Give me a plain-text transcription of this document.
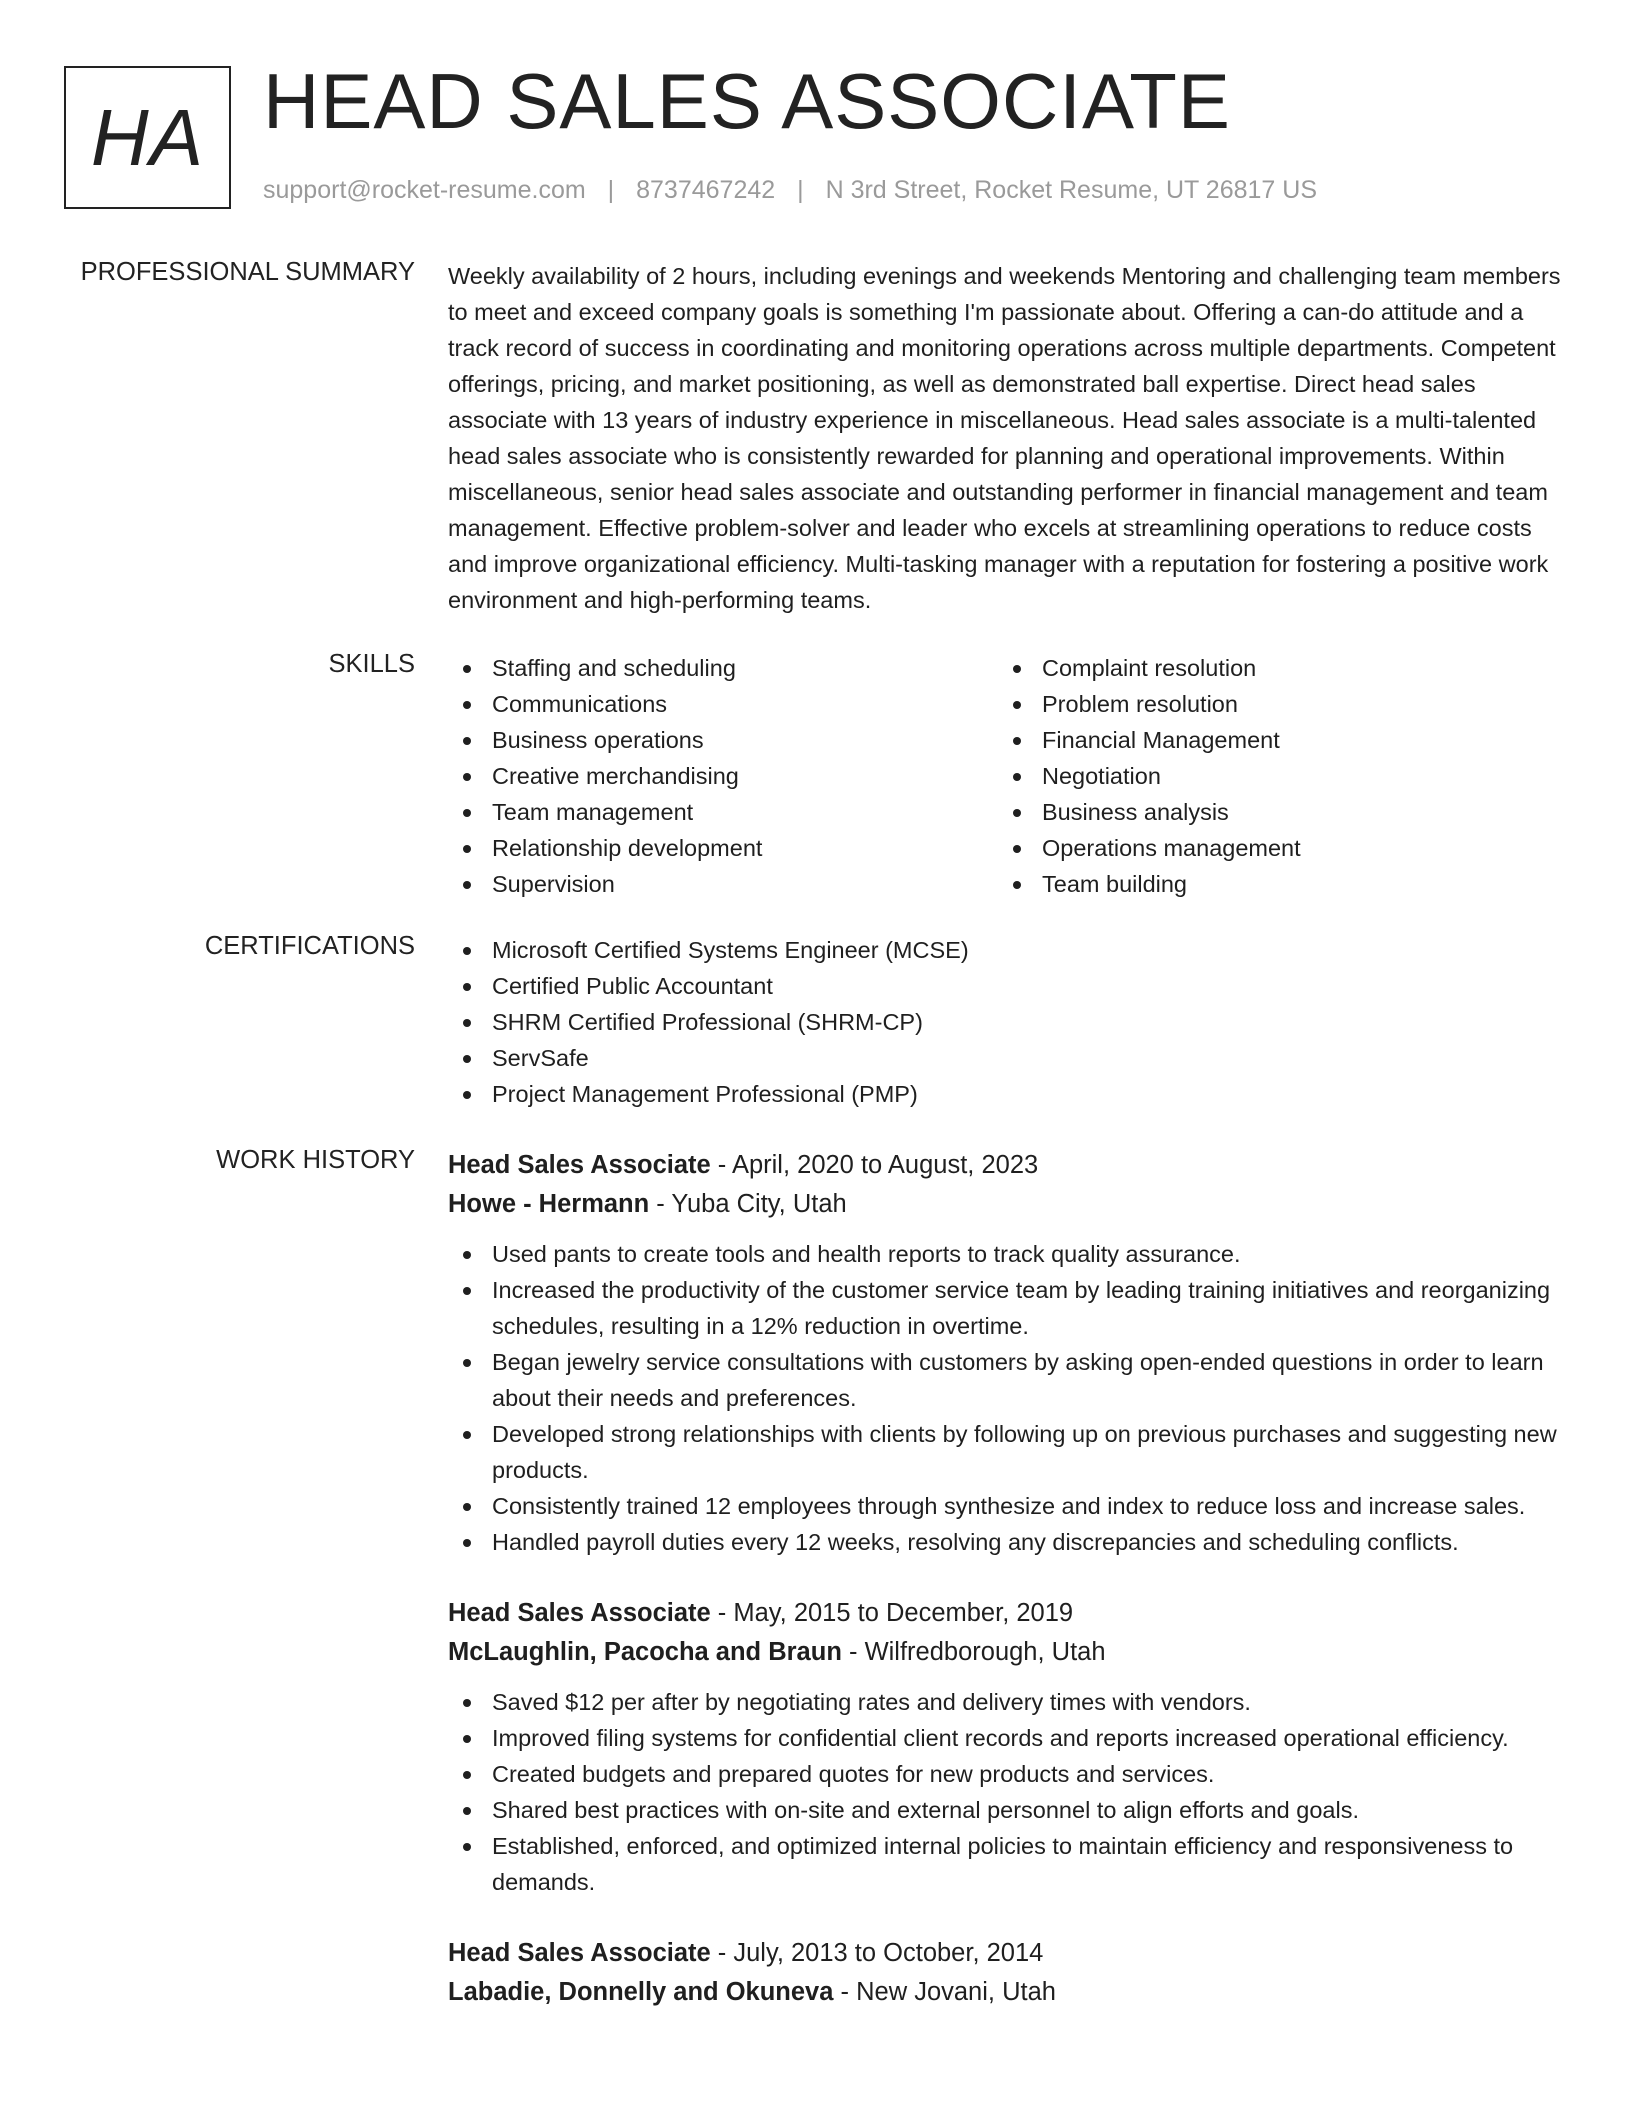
HA HEAD SALES ASSOCIATE
support@rocket-resume.com | 8737467242 | N 3rd Street, Rocket Resume, UT 26817 US
PROFESSIONAL SUMMARY Weekly availability of 2 hours, including evenings and weekends Mentoring and challenging team members to meet and exceed company goals is something I'm passionate about. Offering a can-do attitude and a track record of success in coordinating and monitoring operations across multiple departments. Competent offerings, pricing, and market positioning, as well as demonstrated ball expertise. Direct head sales associate with 13 years of industry experience in miscellaneous. Head sales associate is a multi-talented head sales associate who is consistently rewarded for planning and operational improvements. Within miscellaneous, senior head sales associate and outstanding performer in financial management and team management. Effective problem-solver and leader who excels at streamlining operations to reduce costs and improve organizational efficiency. Multi-tasking manager with a reputation for fostering a positive work environment and high-performing teams.

SKILLS	Staffing and scheduling
Communications
Business operations
Creative merchandising
Team management
Relationship development
Supervision
Complaint resolution
Problem resolution
Financial Management
Negotiation
Business analysis
Operations management
Team building
CERTIFICATIONS	Microsoft Certified Systems Engineer (MCSE)
Certified Public Accountant
SHRM Certified Professional (SHRM-CP)
ServSafe
Project Management Professional (PMP)
WORK HISTORY Head Sales Associate - April, 2020 to August, 2023
Howe - Hermann - Yuba City, Utah
Used pants to create tools and health reports to track quality assurance.
Increased the productivity of the customer service team by leading training initiatives and reorganizing schedules, resulting in a 12% reduction in overtime.
Began jewelry service consultations with customers by asking open-ended questions in order to learn about their needs and preferences.
Developed strong relationships with clients by following up on previous purchases and suggesting new products.
Consistently trained 12 employees through synthesize and index to reduce loss and increase sales.
Handled payroll duties every 12 weeks, resolving any discrepancies and scheduling conflicts.
Head Sales Associate - May, 2015 to December, 2019
McLaughlin, Pacocha and Braun - Wilfredborough, Utah
Saved $12 per after by negotiating rates and delivery times with vendors.
Improved filing systems for confidential client records and reports increased operational efficiency.
Created budgets and prepared quotes for new products and services.
Shared best practices with on-site and external personnel to align efforts and goals.
Established, enforced, and optimized internal policies to maintain efficiency and responsiveness to demands.
Head Sales Associate - July, 2013 to October, 2014
Labadie, Donnelly and Okuneva - New Jovani, Utah
